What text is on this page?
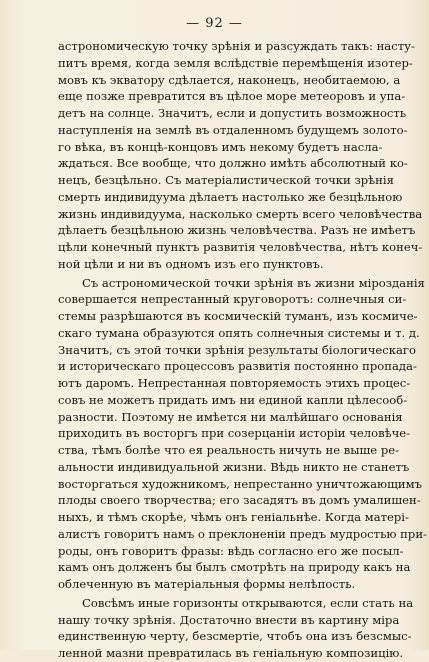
— 92 —
астрономическую точку зрѣнія и разсуждать такъ: насту-
питъ время, когда земля вслѣдствіе перемѣщенія изотер-
мовъ къ экватору сдѣлается, наконецъ, необитаемою, а
еще позже превратится въ цѣлое море метеоровъ и упа-
детъ на солнце. Значитъ, если и допустить возможность
наступленія на землѣ въ отдаленномъ будущемъ золото-
го вѣка, въ концѣ-концовъ имъ некому будетъ насла-
ждаться. Все вообще, что должно имѣть абсолютный ко-
нецъ, безцѣльно. Съ матеріалистической точки зрѣнія
смерть индивидуума дѣлаетъ настолько же безцѣльною
жизнь индивидуума, насколько смерть всего человѣчества
дѣлаетъ безцѣльною жизнь человѣчества. Разъ не имѣетъ
цѣли конечный пунктъ развитія человѣчества, нѣтъ конеч-
ной цѣли и ни въ одномъ изъ его пунктовъ.
Съ астрономической точки зрѣнія въ жизни мірозданія
совершается непрестанный круговоротъ: солнечныя си-
стемы разрѣшаются въ космическій туманъ, изъ космиче-
скаго тумана образуются опять солнечныя системы и т. д.
Значитъ, съ этой точки зрѣнія результаты біологическаго
и историческаго процессовъ развитія постоянно пропада-
ютъ даромъ. Непрестанная повторяемость этихъ процес-
совъ не можетъ придать имъ ни единой капли цѣлесооб-
разности. Поэтому не имѣется ни малѣйшаго основанія
приходить въ восторгъ при созерцаніи исторіи человѣче-
ства, тѣмъ болѣе что ея реальность ничуть не выше ре-
альности индивидуальной жизни. Вѣдь никто не станетъ
восторгаться художникомъ, непрестанно уничтожающимъ
плоды своего творчества; его засадятъ въ домъ умалишен-
ныхъ, и тѣмъ скорѣе, чѣмъ онъ геніальнѣе. Когда матері-
алистъ говоритъ намъ о преклоненіи предъ мудростью при-
роды, онъ говоритъ фразы: вѣдь согласно его же посыл-
камъ онъ долженъ бы былъ смотрѣть на природу какъ на
облеченную въ матеріальныя формы нелѣпость.
Совсѣмъ иные горизонты открываются, если стать на
нашу точку зрѣнія. Достаточно внести въ картину міра
единственную черту, безсмертіе, чтобъ она изъ безсмыс-
ленной мазни превратилась въ геніальную композицію.
